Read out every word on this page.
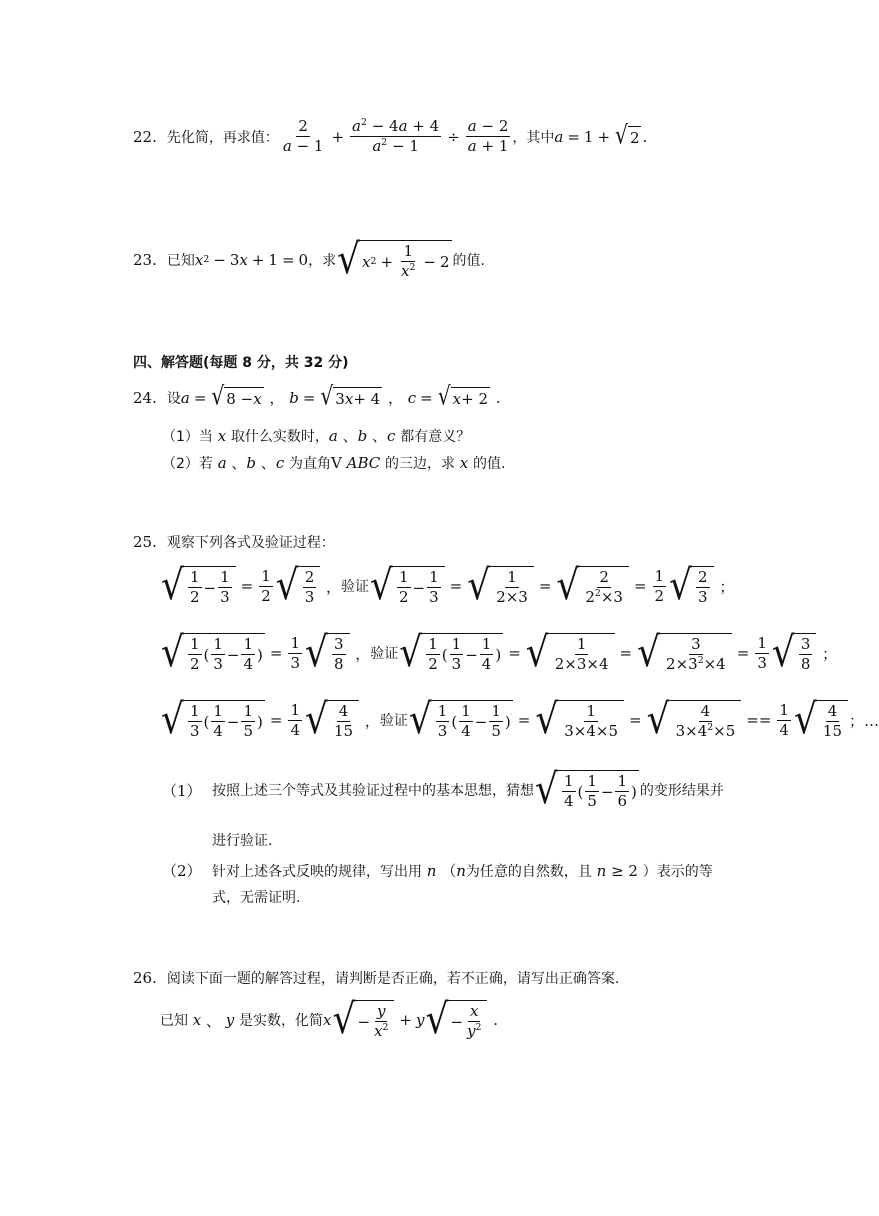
22. 先化简，再求值： $\frac{2}{a - 1} + \frac{a^2 - 4a + 4}{a^2 - 1} \div \frac{a - 2}{a + 1}$ ，其中 a = 1 + √ 2 .
23. 已知 x 2 − 3 x + 1 = 0 ，求 √ x $2 + \frac{1}{x^2} - 2$ 的值.
四、解答题(每题 8 分，共 32 分)
24. 设 a = √ 8 − x ， b = √ 3 x + 4 ， c = √ x + 2 .
（1）当 x 取什么实数时， a 、 b 、 c
都有意义？
（2）若 a 、 b 、 c
为直角 V ABC 的三边，求 x 的值.
25. 观察下列各式及验证过程：
√ $\frac{1}{2} - \frac{1}{3} = \frac{1}{2}$ √ $\frac{2}{3}$ ， 验证 √ $\frac{1}{2} - \frac{1}{3}$ = √ $\frac{1}{2\times 3}$ = √ $\frac{2}{2^2\times 3} = \frac{1}{2}$ √ $\frac{2}{3}$ ；
√ $\frac{1}{2}$ ( $\frac{1}{3} - \frac{1}{4}$ ) = $\frac{1}{3}$ √ $\frac{3}{8}$ ， 验证 √ $\frac{1}{2}$ ( $\frac{1}{3} - \frac{1}{4}$ ) = √ $\frac{1}{2\times 3\times 4}$ = √ $\frac{3}{2\times 3^2\times 4} = \frac{1}{3}$ √ $\frac{3}{8}$ ；
√ $\frac{1}{3}$ ( $\frac{1}{4} - \frac{1}{5}$ ) = $\frac{1}{4}$ √ $\frac{4}{15}$ ， 验证 √ $\frac{1}{3}$ ( $\frac{1}{4} - \frac{1}{5}$ ) = √ $\frac{1}{3\times 4\times 5}$ = √ $\frac{4}{3\times 4^2\times 5} == \frac{1}{4}$ √ $\frac{4}{15}$ ；…
（1） 按照上述三个等式及其验证过程中的基本思想，猜想 √ $\frac{1}{4}$ ( $\frac{1}{5} - \frac{1}{6}$ ) 的变形结果并
进行验证.
（2） 针对上述各式反映的规律，写出用 n （ n 为任意的自然数，且 n ≥ 2 ）表示的等
式，无需证明.
26. 阅读下面一题的解答过程，请判断是否正确，若不正确，请写出正确答案.
已知 x 、 y 是实数，化简 x √ − $\frac{y}{x^2} + y$ √ − $\frac{x}{y^2}$
.
